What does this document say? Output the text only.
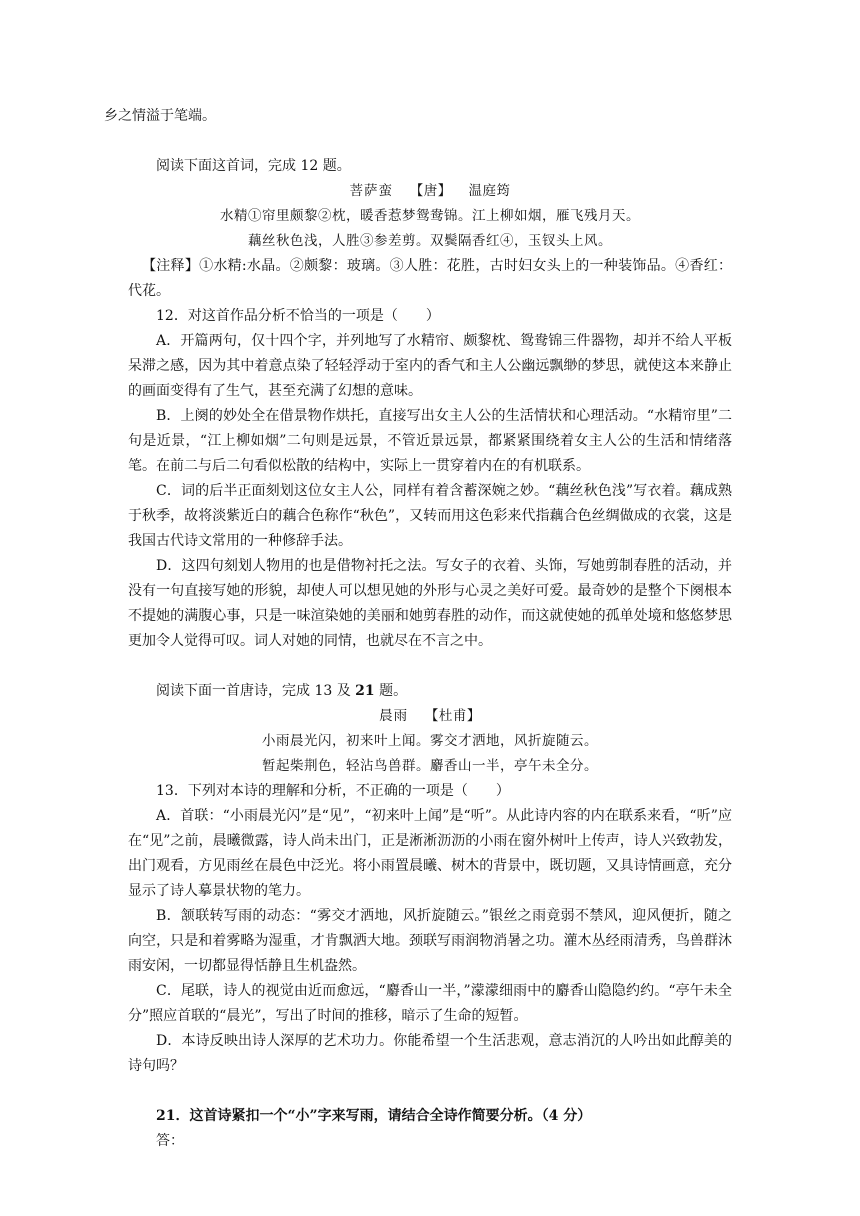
乡之情溢于笔端。

阅读下面这首词，完成 12 题。

菩萨蛮 【唐】 温庭筠

水精①帘里颇黎②枕，暖香惹梦鸳鸯锦。江上柳如烟，雁飞残月天。

藕丝秋色浅，人胜③参差剪。双鬓隔香红④，玉钗头上风。

【注释】①水精:水晶。②颇黎：玻璃。③人胜：花胜，古时妇女头上的一种装饰品。④香红：代花。

12．对这首作品分析不恰当的一项是（　　）

A．开篇两句，仅十四个字，并列地写了水精帘、颇黎枕、鸳鸯锦三件器物，却并不给人平板呆滞之感，因为其中着意点染了轻轻浮动于室内的香气和主人公幽远飘缈的梦思，就使这本来静止的画面变得有了生气，甚至充满了幻想的意味。

B．上阕的妙处全在借景物作烘托，直接写出女主人公的生活情状和心理活动。“水精帘里”二句是近景，“江上柳如烟”二句则是远景，不管近景远景，都紧紧围绕着女主人公的生活和情绪落笔。在前二与后二句看似松散的结构中，实际上一贯穿着内在的有机联系。

C．词的后半正面刻划这位女主人公，同样有着含蓄深婉之妙。“藕丝秋色浅”写衣着。藕成熟于秋季，故将淡紫近白的藕合色称作“秋色”，又转而用这色彩来代指藕合色丝绸做成的衣裳，这是我国古代诗文常用的一种修辞手法。

D．这四句刻划人物用的也是借物衬托之法。写女子的衣着、头饰，写她剪制春胜的活动，并没有一句直接写她的形貌，却使人可以想见她的外形与心灵之美好可爱。最奇妙的是整个下阕根本不提她的满腹心事，只是一味渲染她的美丽和她剪春胜的动作，而这就使她的孤单处境和悠悠梦思更加令人觉得可叹。词人对她的同情，也就尽在不言之中。

阅读下面一首唐诗，完成 13 及 21 题。

晨雨 【杜甫】

小雨晨光闪，初来叶上闻。雾交才洒地，风折旋随云。

暂起柴荆色，轻沾鸟兽群。麝香山一半，亭午未全分。

13．下列对本诗的理解和分析，不正确的一项是（　　）

A．首联：“小雨晨光闪”是“见”，“初来叶上闻”是“听”。从此诗内容的内在联系来看，“听”应在“见”之前，晨曦微露，诗人尚未出门，正是淅淅沥沥的小雨在窗外树叶上传声，诗人兴致勃发，出门观看，方见雨丝在晨色中泛光。将小雨置晨曦、树木的背景中，既切题，又具诗情画意，充分显示了诗人摹景状物的笔力。

B．颔联转写雨的动态：“雾交才洒地，风折旋随云。”银丝之雨竟弱不禁风，迎风便折，随之向空，只是和着雾略为湿重，才肯飘洒大地。颈联写雨润物消暑之功。灌木丛经雨清秀，鸟兽群沐雨安闲，一切都显得恬静且生机盎然。

C．尾联，诗人的视觉由近而愈远，“麝香山一半，”濛濛细雨中的麝香山隐隐约约。“亭午未全分”照应首联的“晨光”，写出了时间的推移，暗示了生命的短暂。

D．本诗反映出诗人深厚的艺术功力。你能希望一个生活悲观，意志消沉的人吟出如此醇美的诗句吗？

21．这首诗紧扣一个“小”字来写雨，请结合全诗作简要分析。（4 分）

答：
